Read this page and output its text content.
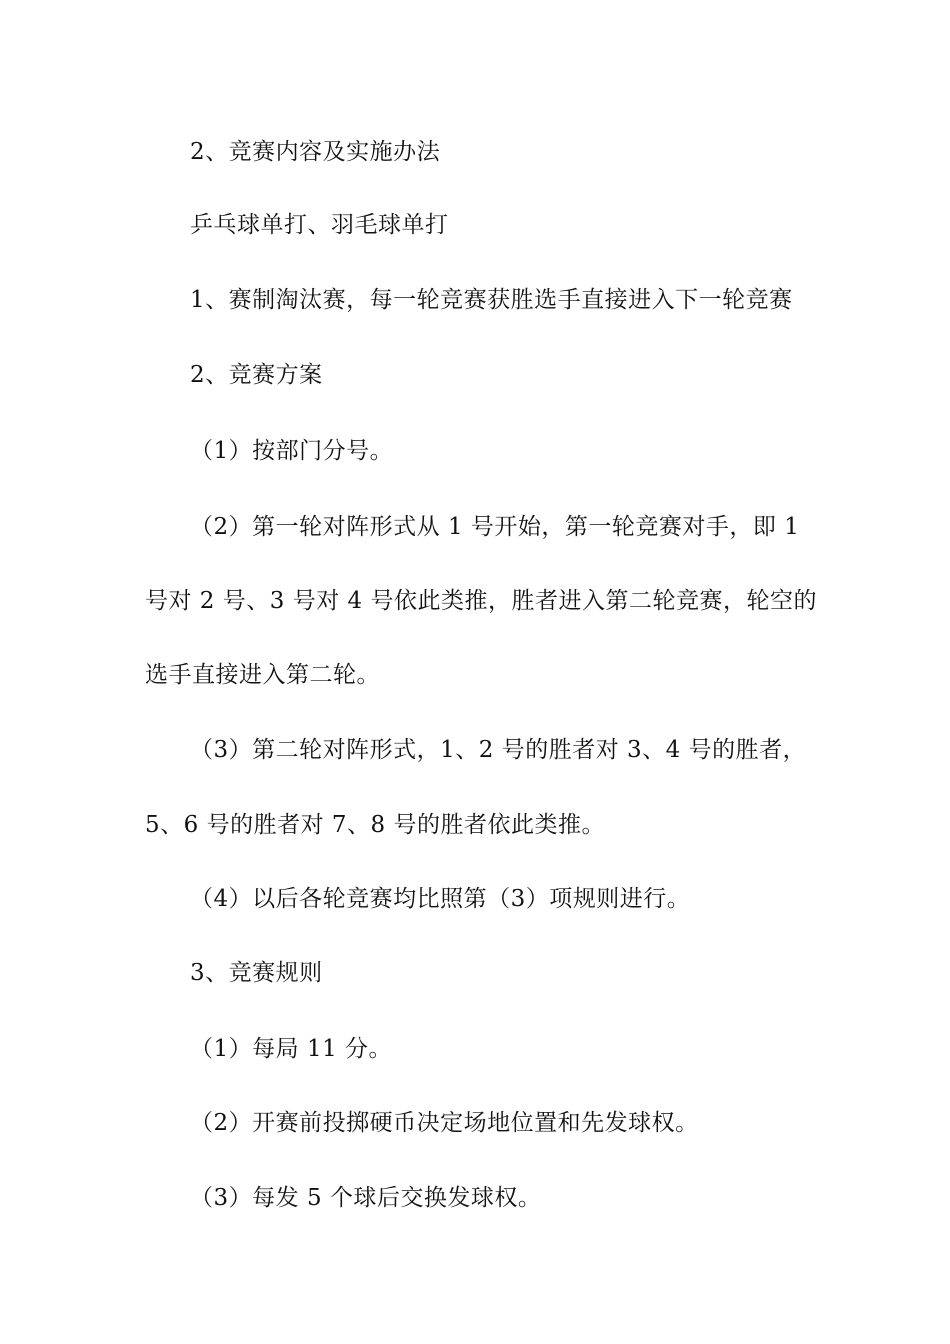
2、竞赛内容及实施办法
乒乓球单打、羽毛球单打
1、赛制淘汰赛，每一轮竞赛获胜选手直接进入下一轮竞赛
2、竞赛方案
（1）按部门分号。
（2）第一轮对阵形式从 1 号开始，第一轮竞赛对手，即 1
号对 2 号、3 号对 4 号依此类推，胜者进入第二轮竞赛，轮空的
选手直接进入第二轮。
（3）第二轮对阵形式，1、2 号的胜者对 3、4 号的胜者，
5、6 号的胜者对 7、8 号的胜者依此类推。
（4）以后各轮竞赛均比照第（3）项规则进行。
3、竞赛规则
（1）每局 11 分。
（2）开赛前投掷硬币决定场地位置和先发球权。
（3）每发 5 个球后交换发球权。
